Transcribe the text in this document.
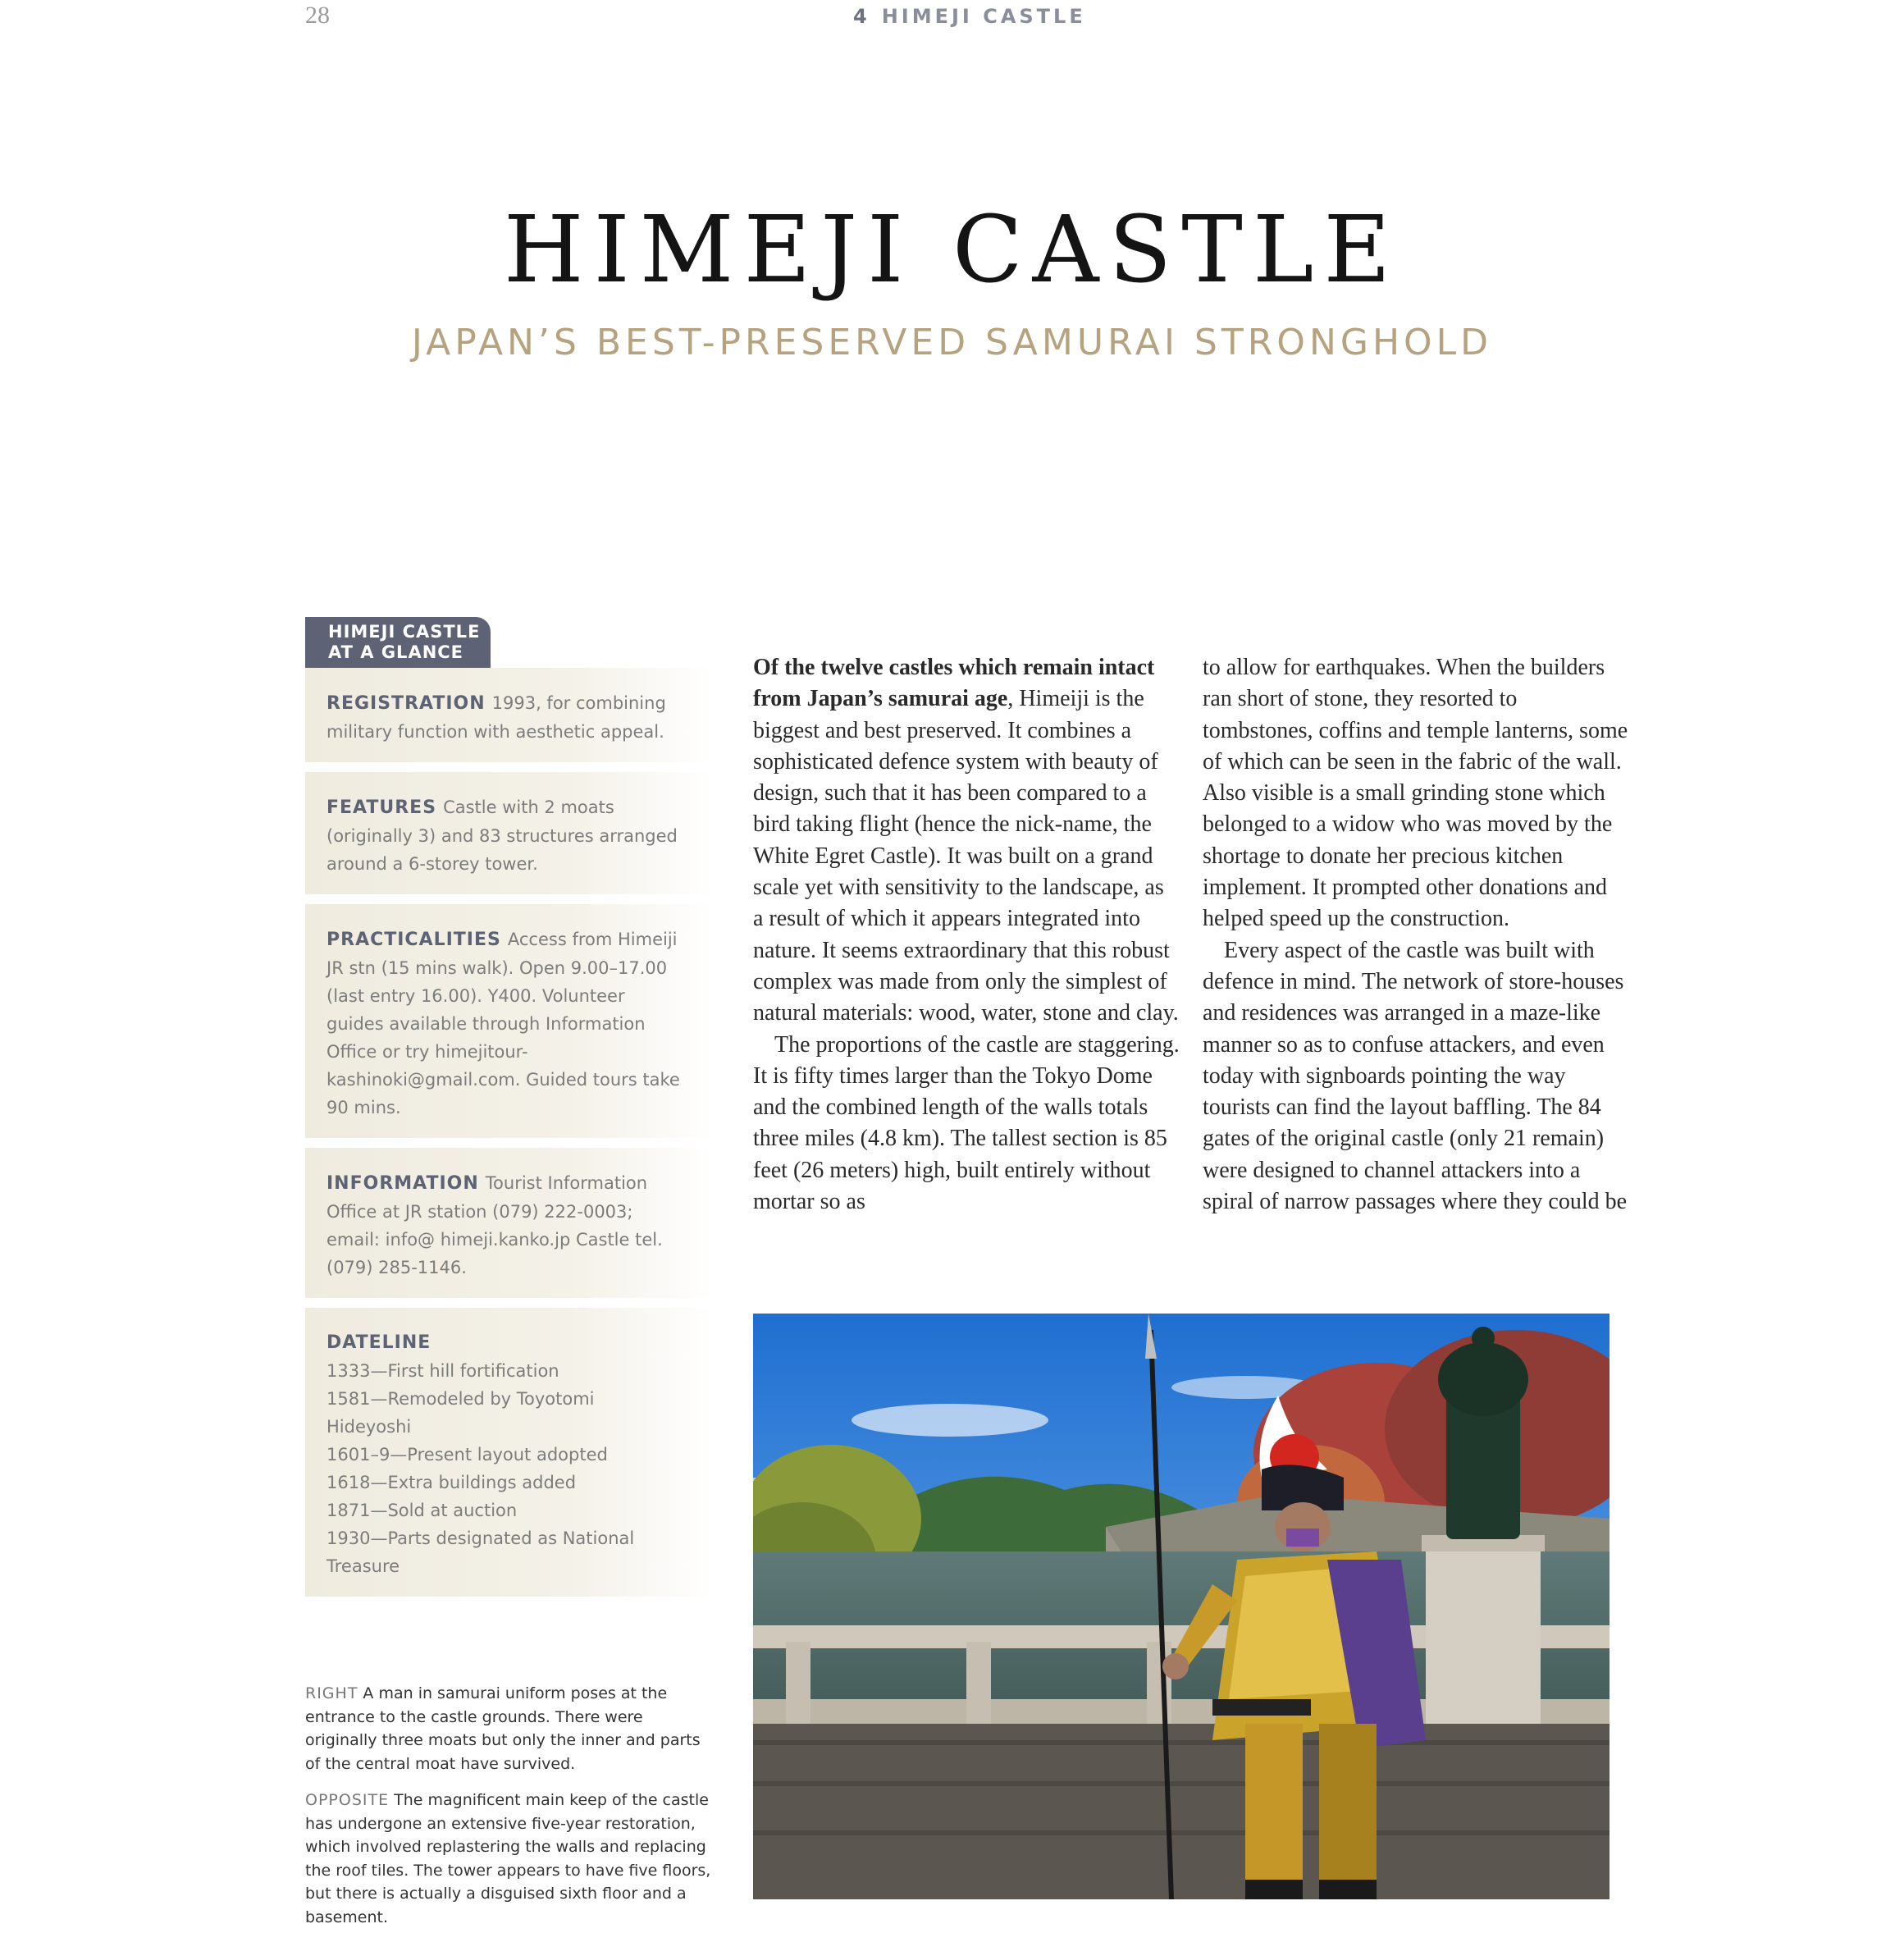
28	4 HIMEJI CASTLE
HIMEJI CASTLE
JAPAN’S BEST-PRESERVED SAMURAI STRONGHOLD
HIMEJI CASTLE
AT A GLANCE
REGISTRATION 1993, for combining military function with aesthetic appeal.
FEATURES Castle with 2 moats (originally 3) and 83 structures arranged around a 6-storey tower.
PRACTICALITIES Access from Himeiji JR stn (15 mins walk). Open 9.00–17.00 (last entry 16.00). Y400. Volunteer guides available through Information Office or try himejitour-kashinoki@gmail.com. Guided tours take 90 mins.
INFORMATION Tourist Information Office at JR station (079) 222-0003; email: info@ himeji.kanko.jp Castle tel. (079) 285-1146.
DATELINE
1333—First hill fortification
1581—Remodeled by Toyotomi Hideyoshi
1601–9—Present layout adopted
1618—Extra buildings added
1871—Sold at auction
1930—Parts designated as National Treasure

Of the twelve castles which remain intact from Japan’s samurai age, Himeiji is the biggest and best preserved. It combines a sophisticated defence system with beauty of design, such that it has been compared to a bird taking flight (hence the nick-name, the White Egret Castle). It was built on a grand scale yet with sensitivity to the landscape, as a result of which it appears integrated into nature. It seems extraordinary that this robust complex was made from only the simplest of natural materials: wood, water, stone and clay.

The proportions of the castle are staggering. It is fifty times larger than the Tokyo Dome and the combined length of the walls totals three miles (4.8 km). The tallest section is 85 feet (26 meters) high, built entirely without mortar so as

to allow for earthquakes. When the builders ran short of stone, they resorted to tombstones, coffins and temple lanterns, some of which can be seen in the fabric of the wall. Also visible is a small grinding stone which belonged to a widow who was moved by the shortage to donate her precious kitchen implement. It prompted other donations and helped speed up the construction.

Every aspect of the castle was built with defence in mind. The network of store-houses and residences was arranged in a maze-like manner so as to confuse attackers, and even today with signboards pointing the way tourists can find the layout baffling. The 84 gates of the original castle (only 21 remain) were designed to channel attackers into a spiral of narrow passages where they could be

RIGHT A man in samurai uniform poses at the entrance to the castle grounds. There were originally three moats but only the inner and parts of the central moat have survived.

OPPOSITE The magnificent main keep of the castle has undergone an extensive five-year restoration, which involved replastering the walls and replacing the roof tiles. The tower appears to have five floors, but there is actually a disguised sixth floor and a basement.
